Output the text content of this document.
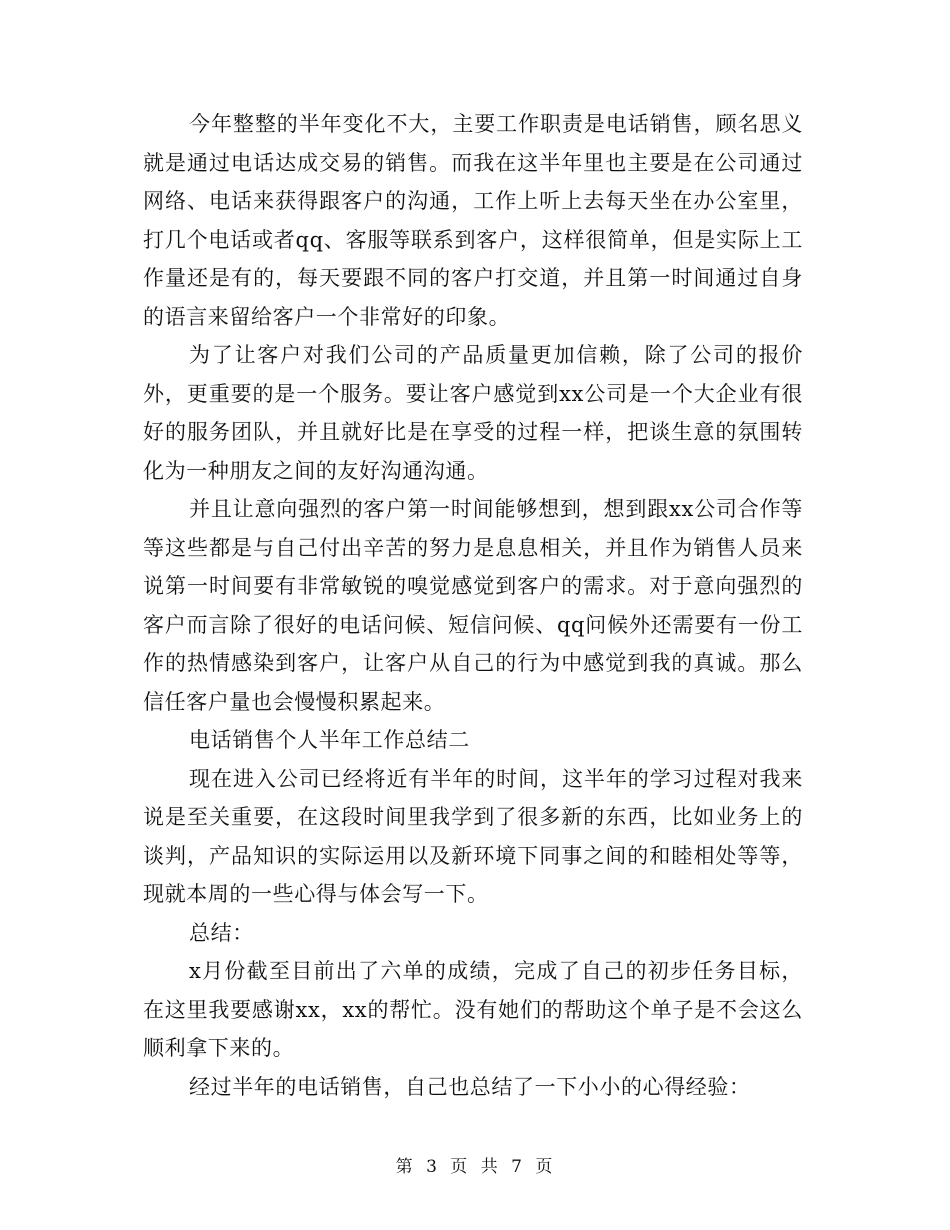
今年整整的半年变化不大，主要工作职责是电话销售，顾名思义就是通过电话达成交易的销售。而我在这半年里也主要是在公司通过网络、电话来获得跟客户的沟通，工作上听上去每天坐在办公室里，打几个电话或者qq、客服等联系到客户，这样很简单，但是实际上工作量还是有的，每天要跟不同的客户打交道，并且第一时间通过自身的语言来留给客户一个非常好的印象。

为了让客户对我们公司的产品质量更加信赖，除了公司的报价外，更重要的是一个服务。要让客户感觉到xx公司是一个大企业有很好的服务团队，并且就好比是在享受的过程一样，把谈生意的氛围转化为一种朋友之间的友好沟通沟通。

并且让意向强烈的客户第一时间能够想到，想到跟xx公司合作等等这些都是与自己付出辛苦的努力是息息相关，并且作为销售人员来说第一时间要有非常敏锐的嗅觉感觉到客户的需求。对于意向强烈的客户而言除了很好的电话问候、短信问候、qq问候外还需要有一份工作的热情感染到客户，让客户从自己的行为中感觉到我的真诚。那么信任客户量也会慢慢积累起来。

电话销售个人半年工作总结二

现在进入公司已经将近有半年的时间，这半年的学习过程对我来说是至关重要，在这段时间里我学到了很多新的东西，比如业务上的谈判，产品知识的实际运用以及新环境下同事之间的和睦相处等等，现就本周的一些心得与体会写一下。

总结：

x月份截至目前出了六单的成绩，完成了自己的初步任务目标，在这里我要感谢xx，xx的帮忙。没有她们的帮助这个单子是不会这么顺利拿下来的。

经过半年的电话销售，自己也总结了一下小小的心得经验：

第 3 页 共 7 页
